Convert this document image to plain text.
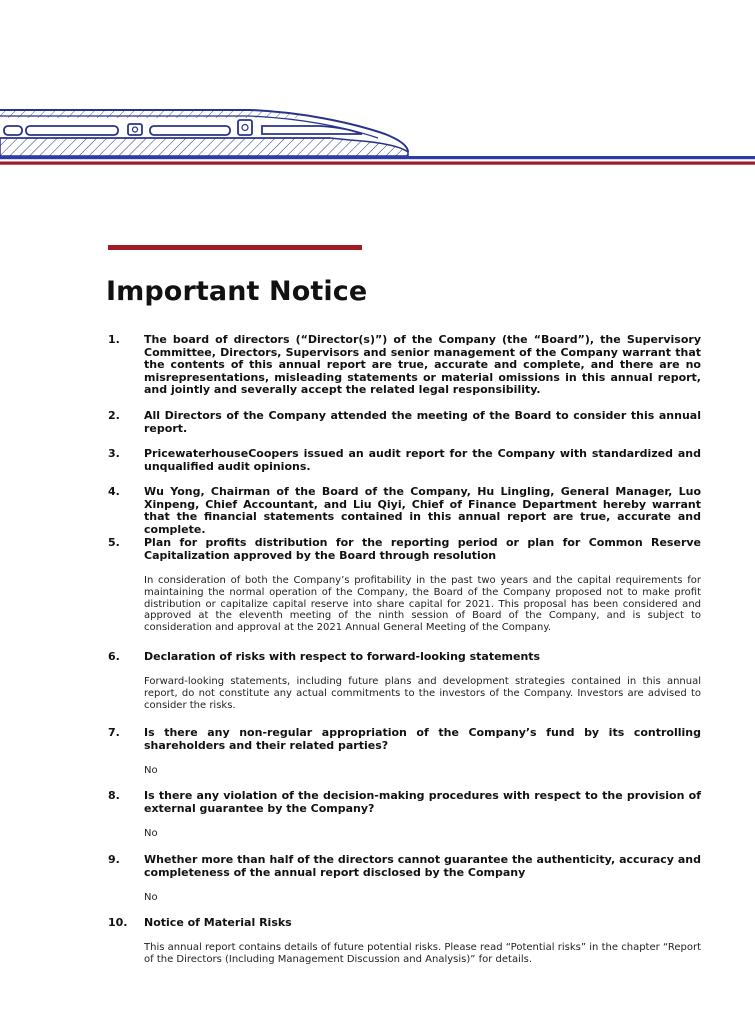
Important Notice
1. The board of directors (“Director(s)”) of the Company (the “Board”), the Supervisory Committee, Directors, Supervisors and senior management of the Company warrant that the contents of this annual report are true, accurate and complete, and there are no misrepresentations, misleading statements or material omissions in this annual report, and jointly and severally accept the related legal responsibility.
2. All Directors of the Company attended the meeting of the Board to consider this annual report.
3. PricewaterhouseCoopers issued an audit report for the Company with standardized and unqualified audit opinions.
4. Wu Yong, Chairman of the Board of the Company, Hu Lingling, General Manager, Luo Xinpeng, Chief Accountant, and Liu Qiyi, Chief of Finance Department hereby warrant that the financial statements contained in this annual report are true, accurate and complete.
5. Plan for profits distribution for the reporting period or plan for Common Reserve Capitalization approved by the Board through resolution
In consideration of both the Company’s profitability in the past two years and the capital requirements for maintaining the normal operation of the Company, the Board of the Company proposed not to make profit distribution or capitalize capital reserve into share capital for 2021. This proposal has been considered and approved at the eleventh meeting of the ninth session of Board of the Company, and is subject to consideration and approval at the 2021 Annual General Meeting of the Company.
6. Declaration of risks with respect to forward-looking statements
Forward-looking statements, including future plans and development strategies contained in this annual report, do not constitute any actual commitments to the investors of the Company. Investors are advised to consider the risks.
7. Is there any non-regular appropriation of the Company’s fund by its controlling shareholders and their related parties?
No
8. Is there any violation of the decision-making procedures with respect to the provision of external guarantee by the Company?
No
9. Whether more than half of the directors cannot guarantee the authenticity, accuracy and completeness of the annual report disclosed by the Company
No
10. Notice of Material Risks
This annual report contains details of future potential risks. Please read “Potential risks” in the chapter “Report of the Directors (Including Management Discussion and Analysis)” for details.
